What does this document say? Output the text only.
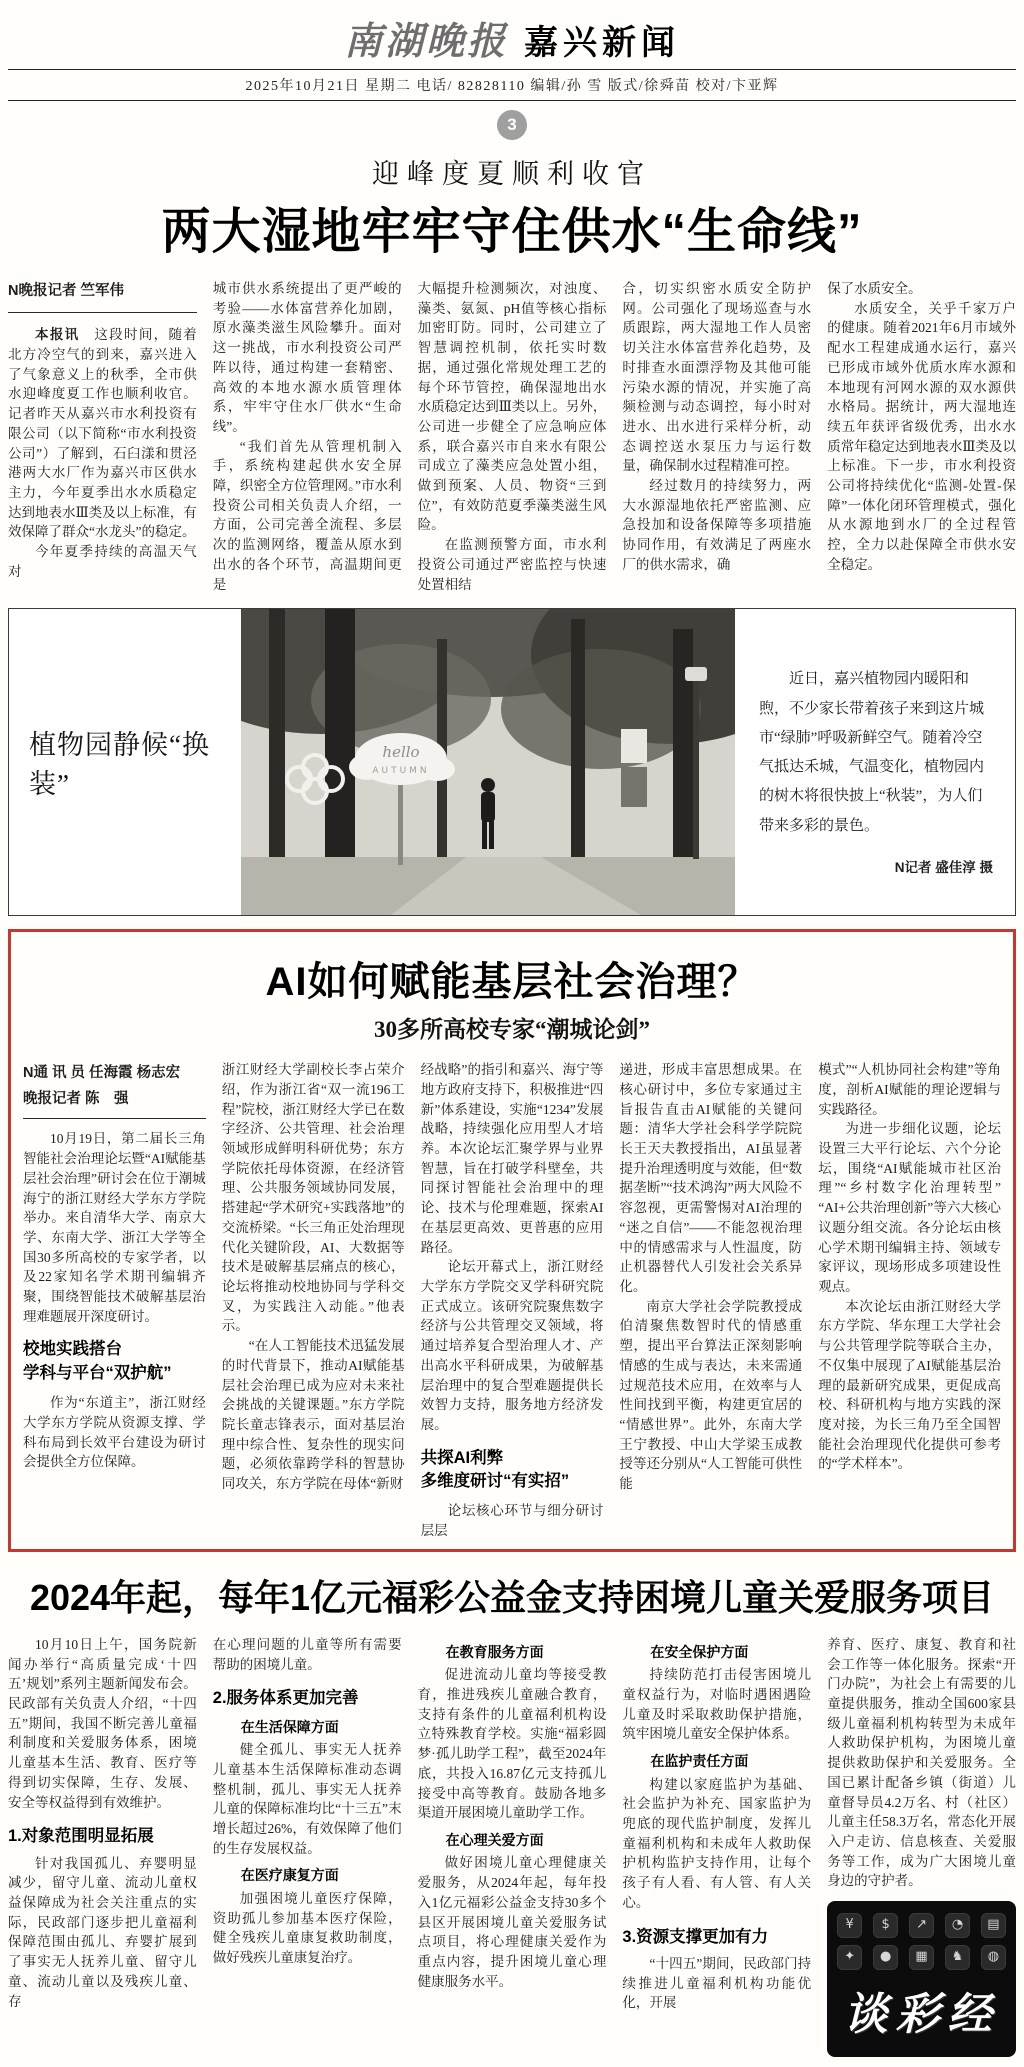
南湖晚报 嘉兴新闻
2025年10月21日 星期二 电话/ 82828110 编辑/孙 雪 版式/徐舜苗 校对/卞亚辉
3
迎峰度夏顺利收官
两大湿地牢牢守住供水“生命线”
N晚报记者 竺军伟

本报讯　这段时间，随着北方冷空气的到来，嘉兴进入了气象意义上的秋季，全市供水迎峰度夏工作也顺利收官。记者昨天从嘉兴市水利投资有限公司（以下简称“市水利投资公司”）了解到，石臼漾和贯泾港两大水厂作为嘉兴市区供水主力，今年夏季出水水质稳定达到地表水Ⅲ类及以上标准，有效保障了群众“水龙头”的稳定。

今年夏季持续的高温天气对

城市供水系统提出了更严峻的考验——水体富营养化加剧，原水藻类滋生风险攀升。面对这一挑战，市水利投资公司严阵以待，通过构建一套精密、高效的本地水源水质管理体系，牢牢守住水厂供水“生命线”。

“我们首先从管理机制入手，系统构建起供水安全屏障，织密全方位管理网。”市水利投资公司相关负责人介绍，一方面，公司完善全流程、多层次的监测网络，覆盖从原水到出水的各个环节，高温期间更是

大幅提升检测频次，对浊度、藻类、氨氮、pH值等核心指标加密盯防。同时，公司建立了智慧调控机制，依托实时数据，通过强化常规处理工艺的每个环节管控，确保湿地出水水质稳定达到Ⅲ类以上。另外，公司进一步健全了应急响应体系，联合嘉兴市自来水有限公司成立了藻类应急处置小组，做到预案、人员、物资“三到位”，有效防范夏季藻类滋生风险。

在监测预警方面，市水利投资公司通过严密监控与快速处置相结

合，切实织密水质安全防护网。公司强化了现场巡查与水质跟踪，两大湿地工作人员密切关注水体富营养化趋势，及时排查水面漂浮物及其他可能污染水源的情况，并实施了高频检测与动态调控，每小时对进水、出水进行采样分析，动态调控送水泵压力与运行数量，确保制水过程精准可控。

经过数月的持续努力，两大水源湿地依托严密监测、应急投加和设备保障等多项措施协同作用，有效满足了两座水厂的供水需求，确

保了水质安全。

水质安全，关乎千家万户的健康。随着2021年6月市域外配水工程建成通水运行，嘉兴已形成市域外优质水库水源和本地现有河网水源的双水源供水格局。据统计，两大湿地连续五年获评省级优秀，出水水质常年稳定达到地表水Ⅲ类及以上标准。下一步，市水利投资公司将持续优化“监测-处置-保障”一体化闭环管理模式，强化从水源地到水厂的全过程管控，全力以赴保障全市供水安全稳定。

植物园静候“换装”
hello
AUTUMN

近日，嘉兴植物园内暖阳和煦，不少家长带着孩子来到这片城市“绿肺”呼吸新鲜空气。随着冷空气抵达禾城，气温变化，植物园内的树木将很快披上“秋装”，为人们带来多彩的景色。

N记者 盛佳淳 摄
AI如何赋能基层社会治理？
30多所高校专家“潮城论剑”
N通 讯 员 任海霞 杨志宏
晚报记者 陈　强

10月19日，第二届长三角智能社会治理论坛暨“AI赋能基层社会治理”研讨会在位于潮城海宁的浙江财经大学东方学院举办。来自清华大学、南京大学、东南大学、浙江大学等全国30多所高校的专家学者，以及22家知名学术期刊编辑齐聚，围绕智能技术破解基层治理难题展开深度研讨。

校地实践搭台

学科与平台“双护航”

作为“东道主”，浙江财经大学东方学院从资源支撑、学科布局到长效平台建设为研讨会提供全方位保障。

浙江财经大学副校长李占荣介绍，作为浙江省“双一流196工程”院校，浙江财经大学已在数字经济、公共管理、社会治理领域形成鲜明科研优势；东方学院依托母体资源，在经济管理、公共服务领域协同发展，搭建起“学术研究+实践落地”的交流桥梁。“长三角正处治理现代化关键阶段，AI、大数据等技术是破解基层痛点的核心，论坛将推动校地协同与学科交叉，为实践注入动能。”他表示。

“在人工智能技术迅猛发展的时代背景下，推动AI赋能基层社会治理已成为应对未来社会挑战的关键课题。”东方学院院长童志锋表示，面对基层治理中综合性、复杂性的现实问题，必须依靠跨学科的智慧协同攻关，东方学院在母体“新财

经战略”的指引和嘉兴、海宁等地方政府支持下，积极推进“四新”体系建设，实施“1234”发展战略，持续强化应用型人才培养。本次论坛汇聚学界与业界智慧，旨在打破学科壁垒，共同探讨智能社会治理中的理论、技术与伦理难题，探索AI在基层更高效、更普惠的应用路径。

论坛开幕式上，浙江财经大学东方学院交叉学科研究院正式成立。该研究院聚焦数字经济与公共管理交叉领域，将通过培养复合型治理人才、产出高水平科研成果，为破解基层治理中的复合型难题提供长效智力支持，服务地方经济发展。

共探AI利弊

多维度研讨“有实招”

论坛核心环节与细分研讨层层

递进，形成丰富思想成果。在核心研讨中，多位专家通过主旨报告直击AI赋能的关键问题：清华大学社会科学学院院长王天夫教授指出，AI虽显著提升治理透明度与效能，但“数据垄断”“技术鸿沟”两大风险不容忽视，更需警惕对AI治理的“迷之自信”——不能忽视治理中的情感需求与人性温度，防止机器替代人引发社会关系异化。

南京大学社会学院教授成伯清聚焦数智时代的情感重塑，提出平台算法正深刻影响情感的生成与表达，未来需通过规范技术应用，在效率与人性间找到平衡，构建更宜居的“情感世界”。此外，东南大学王宁教授、中山大学梁玉成教授等还分别从“人工智能可供性能

模式”“人机协同社会构建”等角度，剖析AI赋能的理论逻辑与实践路径。

为进一步细化议题，论坛设置三大平行论坛、六个分论坛，围绕“AI赋能城市社区治理”“乡村数字化治理转型”“AI+公共治理创新”等六大核心议题分组交流。各分论坛由核心学术期刊编辑主持、领域专家评议，现场形成多项建设性观点。

本次论坛由浙江财经大学东方学院、华东理工大学社会与公共管理学院等联合主办，不仅集中展现了AI赋能基层治理的最新研究成果，更促成高校、科研机构与地方实践的深度对接，为长三角乃至全国智能社会治理现代化提供可参考的“学术样本”。

2024年起，每年1亿元福彩公益金支持困境儿童关爱服务项目

10月10日上午，国务院新闻办举行“高质量完成‘十四五’规划”系列主题新闻发布会。民政部有关负责人介绍，“十四五”期间，我国不断完善儿童福利制度和关爱服务体系，困境儿童基本生活、教育、医疗等得到切实保障，生存、发展、安全等权益得到有效维护。

1.对象范围明显拓展

针对我国孤儿、弃婴明显减少，留守儿童、流动儿童权益保障成为社会关注重点的实际，民政部门逐步把儿童福利保障范围由孤儿、弃婴扩展到了事实无人抚养儿童、留守儿童、流动儿童以及残疾儿童、存

在心理问题的儿童等所有需要帮助的困境儿童。

2.服务体系更加完善

在生活保障方面

健全孤儿、事实无人抚养儿童基本生活保障标准动态调整机制，孤儿、事实无人抚养儿童的保障标准均比“十三五”末增长超过26%，有效保障了他们的生存发展权益。

在医疗康复方面

加强困境儿童医疗保障，资助孤儿参加基本医疗保险，健全残疾儿童康复救助制度，做好残疾儿童康复治疗。

在教育服务方面

促进流动儿童均等接受教育，推进残疾儿童融合教育，支持有条件的儿童福利机构设立特殊教育学校。实施“福彩圆梦·孤儿助学工程”，截至2024年底，共投入16.87亿元支持孤儿接受中高等教育。鼓励各地多渠道开展困境儿童助学工作。

在心理关爱方面

做好困境儿童心理健康关爱服务，从2024年起，每年投入1亿元福彩公益金支持30多个县区开展困境儿童关爱服务试点项目，将心理健康关爱作为重点内容，提升困境儿童心理健康服务水平。

在安全保护方面

持续防范打击侵害困境儿童权益行为，对临时遇困遇险儿童及时采取救助保护措施，筑牢困境儿童安全保护体系。

在监护责任方面

构建以家庭监护为基础、社会监护为补充、国家监护为兜底的现代监护制度，发挥儿童福利机构和未成年人救助保护机构监护支持作用，让每个孩子有人看、有人管、有人关心。

3.资源支撑更加有力

“十四五”期间，民政部门持续推进儿童福利机构功能优化，开展

养育、医疗、康复、教育和社会工作等一体化服务。探索“开门办院”，为社会上有需要的儿童提供服务，推动全国600家县级儿童福利机构转型为未成年人救助保护机构，为困境儿童提供救助保护和关爱服务。全国已累计配备乡镇（街道）儿童督导员4.2万名、村（社区）儿童主任58.3万名，常态化开展入户走访、信息核查、关爱服务等工作，成为广大困境儿童身边的守护者。

¥	$	↗	◔	▤
✦	●	▦	♞	◍
谈彩经
